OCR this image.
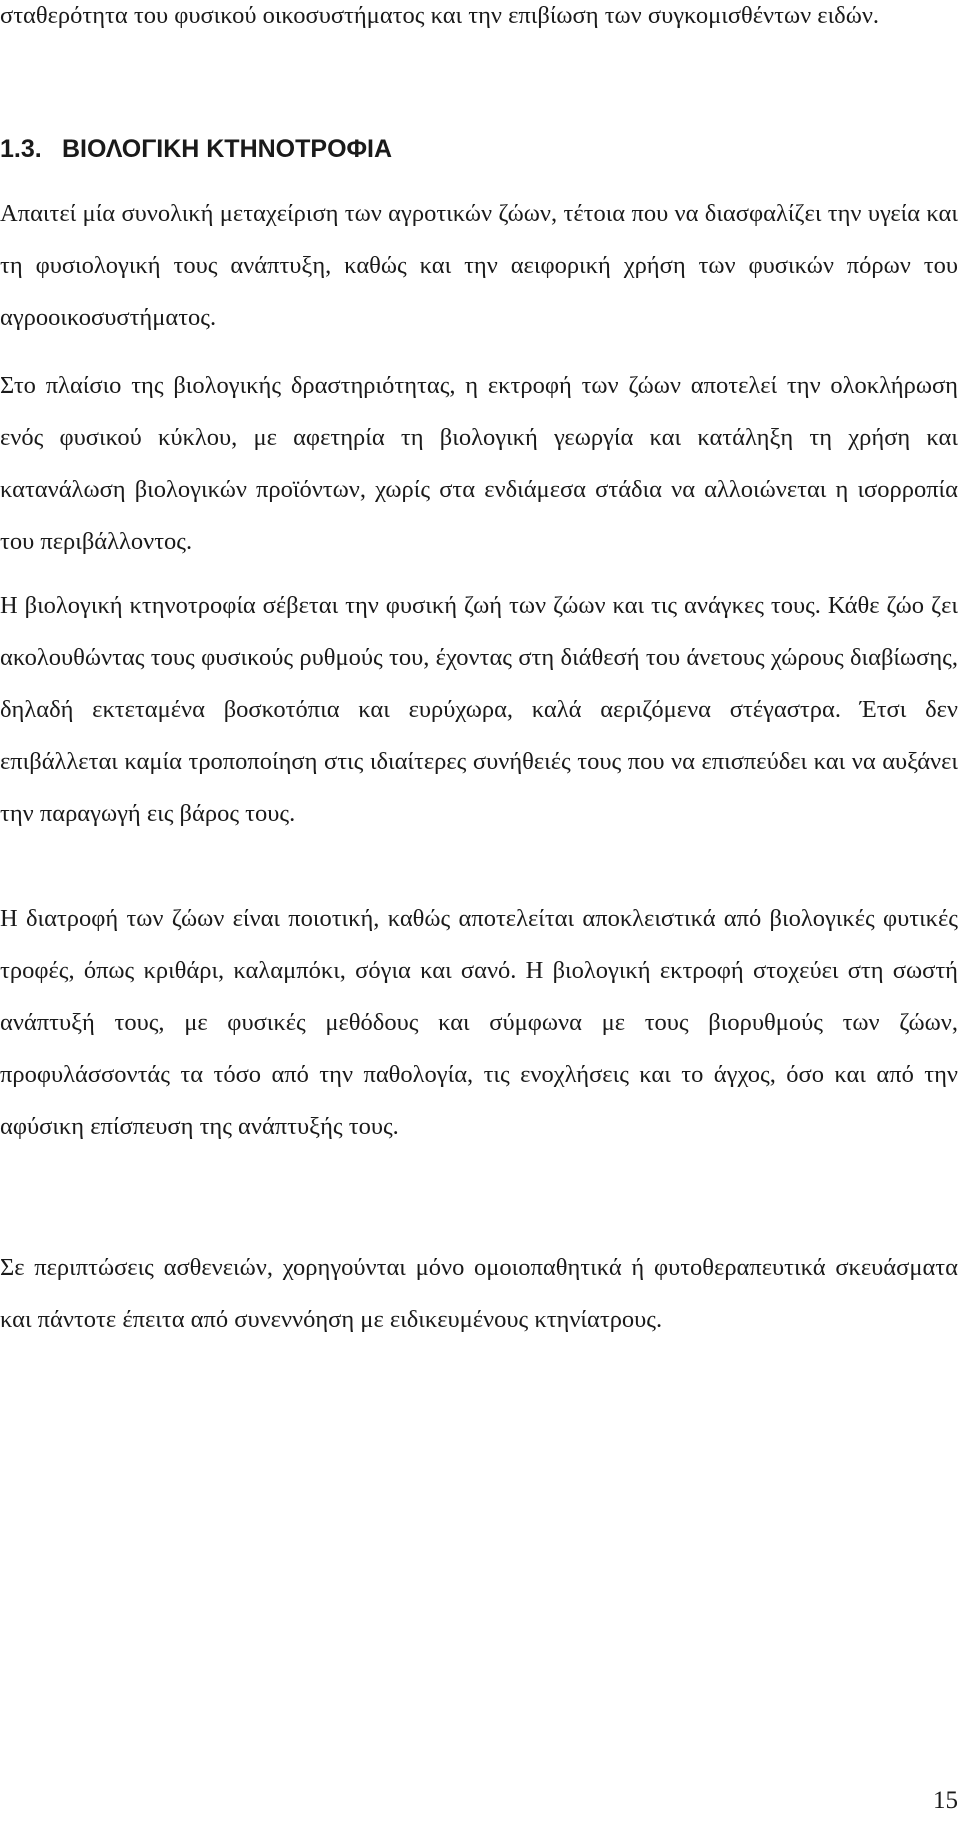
σταθερότητα του φυσικού οικοσυστήματος και την επιβίωση των συγκομισθέντων ειδών.

1.3. ΒΙΟΛΟΓΙΚΗ ΚΤΗΝΟΤΡΟΦΙΑ

Απαιτεί μία συνολική μεταχείριση των αγροτικών ζώων, τέτοια που να διασφαλίζει την υγεία και τη φυσιολογική τους ανάπτυξη, καθώς και την αειφορική χρήση των φυσικών πόρων του αγροοικοσυστήματος.

Στο πλαίσιο της βιολογικής δραστηριότητας, η εκτροφή των ζώων αποτελεί την ολοκλήρωση ενός φυσικού κύκλου, με αφετηρία τη βιολογική γεωργία και κατάληξη τη χρήση και κατανάλωση βιολογικών προϊόντων, χωρίς στα ενδιάμεσα στάδια να αλλοιώνεται η ισορροπία του περιβάλλοντος.

Η βιολογική κτηνοτροφία σέβεται την φυσική ζωή των ζώων και τις ανάγκες τους. Κάθε ζώο ζει ακολουθώντας τους φυσικούς ρυθμούς του, έχοντας στη διάθεσή του άνετους χώρους διαβίωσης, δηλαδή εκτεταμένα βοσκοτόπια και ευρύχωρα, καλά αεριζόμενα στέγαστρα. Έτσι δεν επιβάλλεται καμία τροποποίηση στις ιδιαίτερες συνήθειές τους που να επισπεύδει και να αυξάνει την παραγωγή εις βάρος τους.

Η διατροφή των ζώων είναι ποιοτική, καθώς αποτελείται αποκλειστικά από βιολογικές φυτικές τροφές, όπως κριθάρι, καλαμπόκι, σόγια και σανό. Η βιολογική εκτροφή στοχεύει στη σωστή ανάπτυξή τους, με φυσικές μεθόδους και σύμφωνα με τους βιορυθμούς των ζώων, προφυλάσσοντάς τα τόσο από την παθολογία, τις ενοχλήσεις και το άγχος, όσο και από την αφύσικη επίσπευση της ανάπτυξής τους.

Σε περιπτώσεις ασθενειών, χορηγούνται μόνο ομοιοπαθητικά ή φυτοθεραπευτικά σκευάσματα και πάντοτε έπειτα από συνεννόηση με ειδικευμένους κτηνίατρους.

15
